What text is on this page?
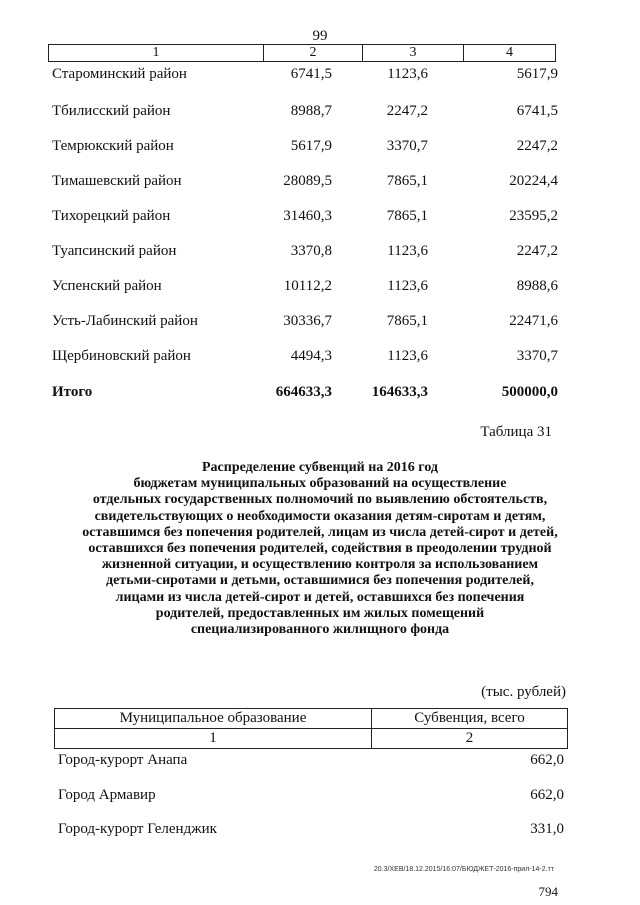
99
1	2	3	4
Староминский район	6741,5	1123,6	5617,9
Тбилисский район	8988,7	2247,2	6741,5
Темрюкский район	5617,9	3370,7	2247,2
Тимашевский район	28089,5	7865,1	20224,4
Тихорецкий район	31460,3	7865,1	23595,2
Туапсинский район	3370,8	1123,6	2247,2
Успенский район	10112,2	1123,6	8988,6
Усть-Лабинский район	30336,7	7865,1	22471,6
Щербиновский район	4494,3	1123,6	3370,7
Итого	664633,3	164633,3	500000,0
Таблица 31
Распределение субвенций на 2016 год
бюджетам муниципальных образований на осуществление
отдельных государственных полномочий по выявлению обстоятельств,
свидетельствующих о необходимости оказания детям-сиротам и детям,
оставшимся без попечения родителей, лицам из числа детей-сирот и детей,
оставшихся без попечения родителей, содействия в преодолении трудной
жизненной ситуации, и осуществлению контроля за использованием
детьми-сиротами и детьми, оставшимися без попечения родителей,
лицами из числа детей-сирот и детей, оставшихся без попечения
родителей, предоставленных им жилых помещений
специализированного жилищного фонда
(тыс. рублей)
Муниципальное образование	Субвенция, всего
1	2
Город-курорт Анапа	662,0
Город Армавир	662,0
Город-курорт Геленджик	331,0
20.3/ХЕВ/18.12.2015/16:07/БЮДЖЕТ-2016-прил-14-2.тт
794
